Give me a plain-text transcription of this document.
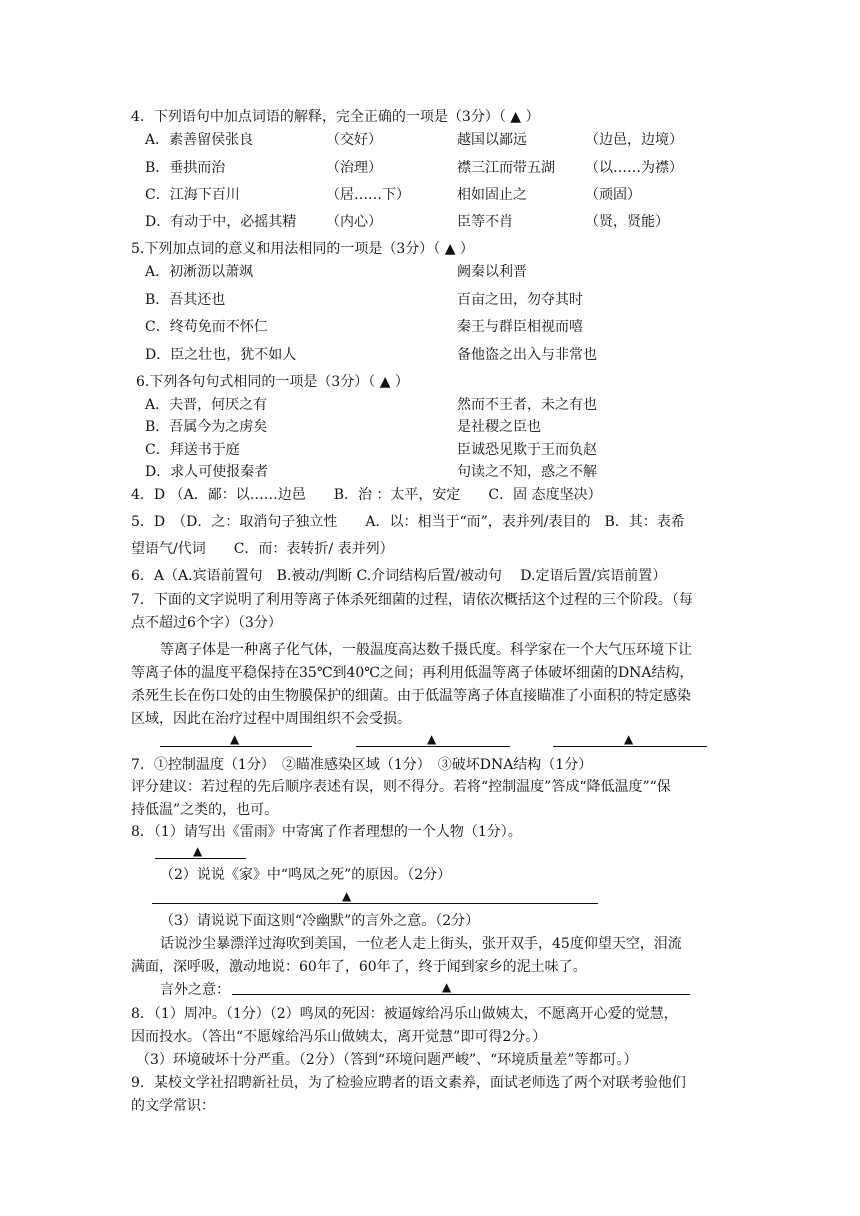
4．下列语句中加点词语的解释，完全正确的一项是（3分）（ ▲ ）
A．素善留侯张良	（交好）	越国以鄙远	（边邑，边境）
B．垂拱而治	（治理）	襟三江而带五湖 （以……为襟）
C．江海下百川	（居……下）	相如固止之	（顽固）
D．有动于中，必摇其精 （内心）	臣等不肖	（贤，贤能）
5.下列加点词的意义和用法相同的一项是（3分）（ ▲ ）
A．初淅沥以萧飒	阙秦以利晋
B．吾其还也	百亩之田，勿夺其时
C．终苟免而不怀仁	秦王与群臣相视而嘻
D．臣之壮也，犹不如人	备他盗之出入与非常也
6.下列各句句式相同的一项是（3分）（ ▲ ）
A．夫晋，何厌之有	然而不王者，未之有也
B．吾属今为之虏矣	是社稷之臣也
C．拜送书于庭	臣诚恐见欺于王而负赵
D．求人可使报秦者	句读之不知，惑之不解
4．D （A．鄙：以……边邑　　B．治 ：太平，安定　　C．固 态度坚决）
5．D　（D．之：取消句子独立性　　A．以：相当于“而”，表并列/表目的　B．其：表希
望语气/代词　　C．而：表转折/ 表并列）
6．A（A.宾语前置句　B.被动/判断 C.介词结构后置/被动句　 D.定语后置/宾语前置）
7．下面的文字说明了利用等离子体杀死细菌的过程，请依次概括这个过程的三个阶段。（每
点不超过6个字）（3分）
等离子体是一种离子化气体，一般温度高达数千摄氏度。科学家在一个大气压环境下让
等离子体的温度平稳保持在35℃到40℃之间；再利用低温等离子体破坏细菌的DNA结构，
杀死生长在伤口处的由生物膜保护的细菌。由于低温等离子体直接瞄准了小面积的特定感染
区域，因此在治疗过程中周围组织不会受损。
▲	▲	▲
7．①控制温度（1分）　②瞄准感染区域（1分）　③破坏DNA结构（1分）
评分建议：若过程的先后顺序表述有误，则不得分。若将“控制温度”答成“降低温度”“保
持低温”之类的，也可。
8．（1）请写出《雷雨》中寄寓了作者理想的一个人物（1分）。
▲
（2）说说《家》中“鸣凤之死”的原因。（2分）
▲
（3）请说说下面这则“冷幽默”的言外之意。（2分）
话说沙尘暴漂洋过海吹到美国，一位老人走上街头，张开双手，45度仰望天空，泪流
满面，深呼吸，激动地说：60年了，60年了，终于闻到家乡的泥土味了。
言外之意：	▲
8．（1）周冲。（1分）（2）鸣凤的死因：被逼嫁给冯乐山做姨太，不愿离开心爱的觉慧，
因而投水。（答出“不愿嫁给冯乐山做姨太，离开觉慧”即可得2分。）
（3）环境破坏十分严重。（2分）（答到“环境问题严峻”、“环境质量差”等都可。）
9．某校文学社招聘新社员，为了检验应聘者的语文素养，面试老师选了两个对联考验他们
的文学常识：
